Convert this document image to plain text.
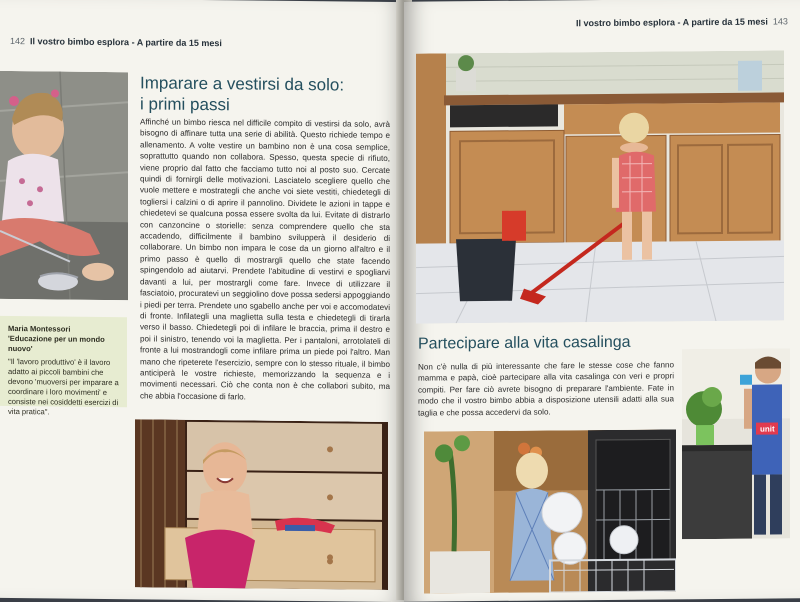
142 Il vostro bimbo esplora - A partire da 15 mesi
Imparare a vestirsi da solo:
i primi passi

Affinché un bimbo riesca nel difficile compito di vestirsi da solo, avrà bisogno di affinare tutta una serie di abilità. Questo richiede tempo e allenamento. A volte vestire un bambino non è una cosa semplice, soprattutto quando non collabora. Spesso, questa specie di rifiuto, viene proprio dal fatto che facciamo tutto noi al posto suo. Cercate quindi di fornirgli delle motivazioni. Lasciatelo scegliere quello che vuole mettere e mostrategli che anche voi siete vestiti, chiedetegli di togliersi i calzini o di aprire il pannolino. Dividete le azioni in tappe e chiedetevi se qualcuna possa essere svolta da lui. Evitate di distrarlo con canzoncine o storielle: senza comprendere quello che sta accadendo, difficilmente il bambino svilupperà il desiderio di collaborare. Un bimbo non impara le cose da un giorno all'altro e il primo passo è quello di mostrargli quello che state facendo spingendolo ad aiutarvi. Prendete l'abitudine di vestirvi e spogliarvi davanti a lui, per mostrargli come fare. Invece di utilizzare il fasciatoio, procuratevi un seggiolino dove possa sedersi appoggiando i piedi per terra. Prendete uno sgabello anche per voi e accomodatevi di fronte. Infilategli una maglietta sulla testa e chiedetegli di tirarla verso il basso. Chiedetegli poi di infilare le braccia, prima il destro e poi il sinistro, tenendo voi la maglietta. Per i pantaloni, arrotolateli di fronte a lui mostrandogli come infilare prima un piede poi l'altro. Man mano che ripeterete l'esercizio, sempre con lo stesso rituale, il bimbo anticiperà le vostre richieste, memorizzando la sequenza e i movimenti necessari. Ciò che conta non è che collabori subito, ma che abbia l'occasione di farlo.

Maria Montessori
'Educazione per un mondo nuovo'
"Il 'lavoro produttivo' è il lavoro adatto ai piccoli bambini che devono 'muoversi per imparare a coordinare i loro movimenti' e consiste nei cosiddetti esercizi di vita pratica".
Il vostro bimbo esplora - A partire da 15 mesi 143
Partecipare alla vita casalinga

Non c'è nulla di più interessante che fare le stesse cose che fanno mamma e papà, cioè partecipare alla vita casalinga con veri e propri compiti. Per fare ciò avrete bisogno di preparare l'ambiente. Fate in modo che il vostro bimbo abbia a disposizione utensili adatti alla sua taglia e che possa accedervi da solo.

unit
